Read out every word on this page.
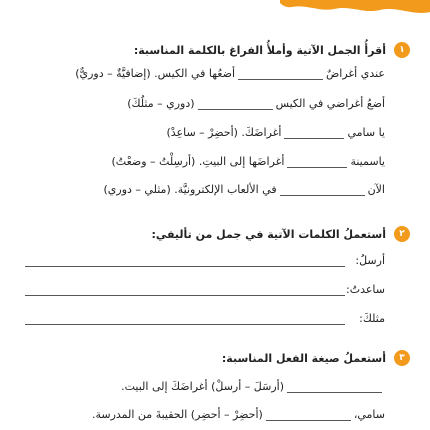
١
أقرأُ الجمل الآتية وأملأُ الفراغ بالكلمة المناسبة:
عندي أغراضٌ
أضعُها في الكيس. (إضافيَّةٌ – دوريٌّ)
أضعُ أغراضي في الكيس
(دوري – مثلُكَ)
يا سامي
أغراضَكَ. (أحضِرْ – ساعِدْ)
ياسمينة
أغراضَها إلى البيتِ. (أرسِلْتُ – وضعْتُ)
الآن
في الألعاب الإلكترونيَّة. (مثلي – دوري)
٢
أستعملُ الكلمات الآتية في جمل من تأليفي:
أرسلُ:
ساعدتُ:
مثلكَ:
٣
أستعملُ صيغة الفعل المناسبة:
(أرسَلَ – أرسلْ) أغراضَكَ إلى البيت.
سامي،
(أحضِرْ – أحضِر) الحقيبةَ من المدرسة.
